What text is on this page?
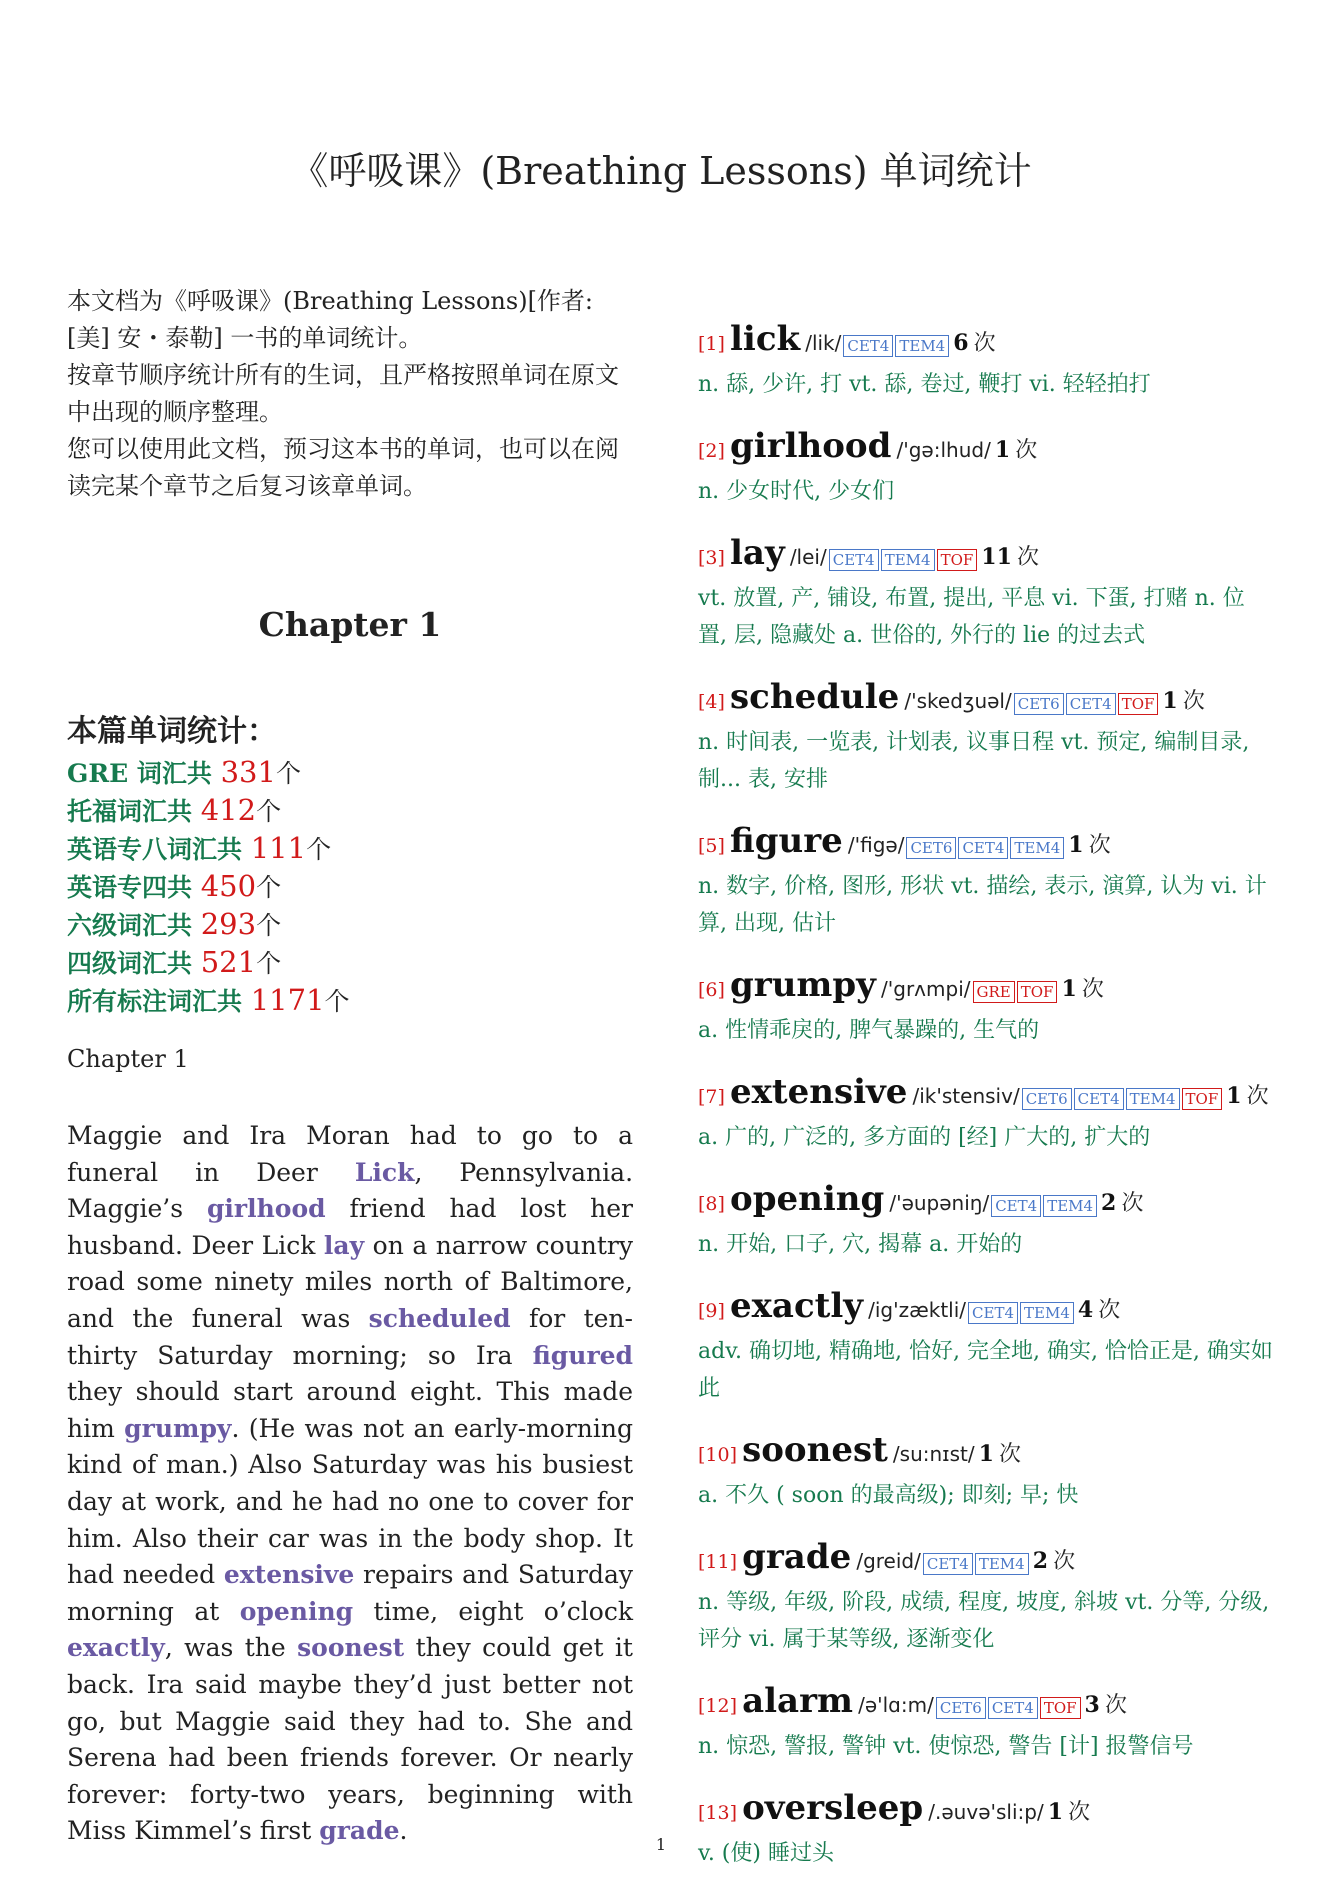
《呼吸课》(Breathing Lessons) 单词统计

本文档为《呼吸课》(Breathing Lessons)[作者: [美] 安・泰勒] 一书的单词统计。

按章节顺序统计所有的生词，且严格按照单词在原文中出现的顺序整理。

您可以使用此文档，预习这本书的单词，也可以在阅读完某个章节之后复习该章单词。

Chapter 1
本篇单词统计：
GRE 词汇共 331个
托福词汇共 412个
英语专八词汇共 111个
英语专四共 450个
六级词汇共 293个
四级词汇共 521个
所有标注词汇共 1171个
Chapter 1
Maggie and Ira Moran had to go to a funeral in Deer Lick, Pennsylvania. Maggie’s girlhood friend had lost her husband. Deer Lick lay on a narrow country road some ninety miles north of Baltimore, and the funeral was scheduled for ten-thirty Saturday morning; so Ira figured they should start around eight. This made him grumpy. (He was not an early-morning kind of man.) Also Saturday was his busiest day at work, and he had no one to cover for him. Also their car was in the body shop. It had needed extensive repairs and Saturday morning at opening time, eight o’clock exactly, was the soonest they could get it back. Ira said maybe they’d just better not go, but Maggie said they had to. She and Serena had been friends forever. Or nearly forever: forty-two years, beginning with Miss Kimmel’s first grade.
[1] lick /lik/ CET4 TEM4 6 次
n. 舔, 少许, 打 vt. 舔, 卷过, 鞭打 vi. 轻轻拍打
[2] girlhood /'gə:lhud/ 1 次
n. 少女时代, 少女们
[3] lay /lei/ CET4 TEM4 TOF 11 次
vt. 放置, 产, 铺设, 布置, 提出, 平息 vi. 下蛋, 打赌 n. 位置, 层, 隐藏处 a. 世俗的, 外行的 lie 的过去式
[4] schedule /'skedʒuəl/ CET6 CET4 TOF 1 次
n. 时间表, 一览表, 计划表, 议事日程 vt. 预定, 编制目录, 制... 表, 安排
[5] figure /'figə/ CET6 CET4 TEM4 1 次
n. 数字, 价格, 图形, 形状 vt. 描绘, 表示, 演算, 认为 vi. 计算, 出现, 估计
[6] grumpy /'grʌmpi/ GRE TOF 1 次
a. 性情乖戾的, 脾气暴躁的, 生气的
[7] extensive /ik'stensiv/ CET6 CET4 TEM4 TOF 1 次
a. 广的, 广泛的, 多方面的 [经] 广大的, 扩大的
[8] opening /'əupəniŋ/ CET4 TEM4 2 次
n. 开始, 口子, 穴, 揭幕 a. 开始的
[9] exactly /ig'zæktli/ CET4 TEM4 4 次
adv. 确切地, 精确地, 恰好, 完全地, 确实, 恰恰正是, 确实如此
[10] soonest /su:nɪst/ 1 次
a. 不久 ( soon 的最高级); 即刻; 早; 快
[11] grade /greid/ CET4 TEM4 2 次
n. 等级, 年级, 阶段, 成绩, 程度, 坡度, 斜坡 vt. 分等, 分级, 评分 vi. 属于某等级, 逐渐变化
[12] alarm /ə'lɑ:m/ CET6 CET4 TOF 3 次
n. 惊恐, 警报, 警钟 vt. 使惊恐, 警告 [计] 报警信号
[13] oversleep /.əuvə'sli:p/ 1 次
v. (使) 睡过头
1
